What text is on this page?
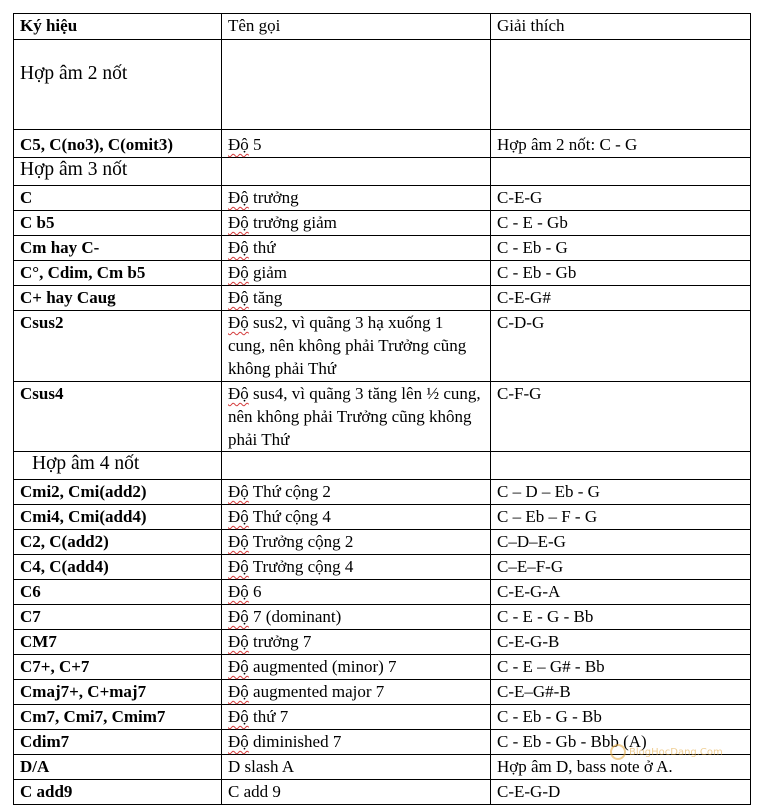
Ký hiệu	Tên gọi	Giải thích
Hợp âm 2 nốt		
C5, C(no3), C(omit3)	Độ 5	Hợp âm 2 nốt: C - G
Hợp âm 3 nốt		
C	Độ trưởng	C-E-G
C b5	Độ trưởng giảm	C - E - Gb
Cm hay C-	Độ thứ	C - Eb - G
C°, Cdim, Cm b5	Độ giảm	C - Eb - Gb
C+ hay Caug	Độ tăng	C-E-G#
Csus2	Độ sus2, vì quãng 3 hạ xuống 1     cung, nên không phải Trưởng cũng không phải Thứ	C-D-G
Csus4	Độ sus4, vì quãng 3 tăng lên ½ cung, nên không phải Trưởng cũng không phải Thứ	C-F-G
Hợp âm 4 nốt		
Cmi2, Cmi(add2)	Độ Thứ cộng 2	C – D – Eb - G
Cmi4, Cmi(add4)	Độ Thứ cộng 4	C – Eb – F - G
C2, C(add2)	Độ Trưởng cộng 2	C–D–E-G
C4, C(add4)	Độ Trưởng cộng 4	C–E–F-G
C6	Độ 6	C-E-G-A
C7	Độ 7 (dominant)	C - E - G - Bb
CM7	Độ trưởng 7	C-E-G-B
C7+, C+7	Độ augmented (minor) 7	C - E – G# - Bb
Cmaj7+, C+maj7	Độ augmented major 7	C-E–G#-B
Cm7, Cmi7, Cmim7	Độ thứ 7	C - Eb - G - Bb
Cdim7	Độ diminished 7	C - Eb - Gb - Bbb (A)
D/A	D slash A	Hợp âm D, bass note ở A.
C add9	C add 9	C-E-G-D
BlogHocDang.Com
